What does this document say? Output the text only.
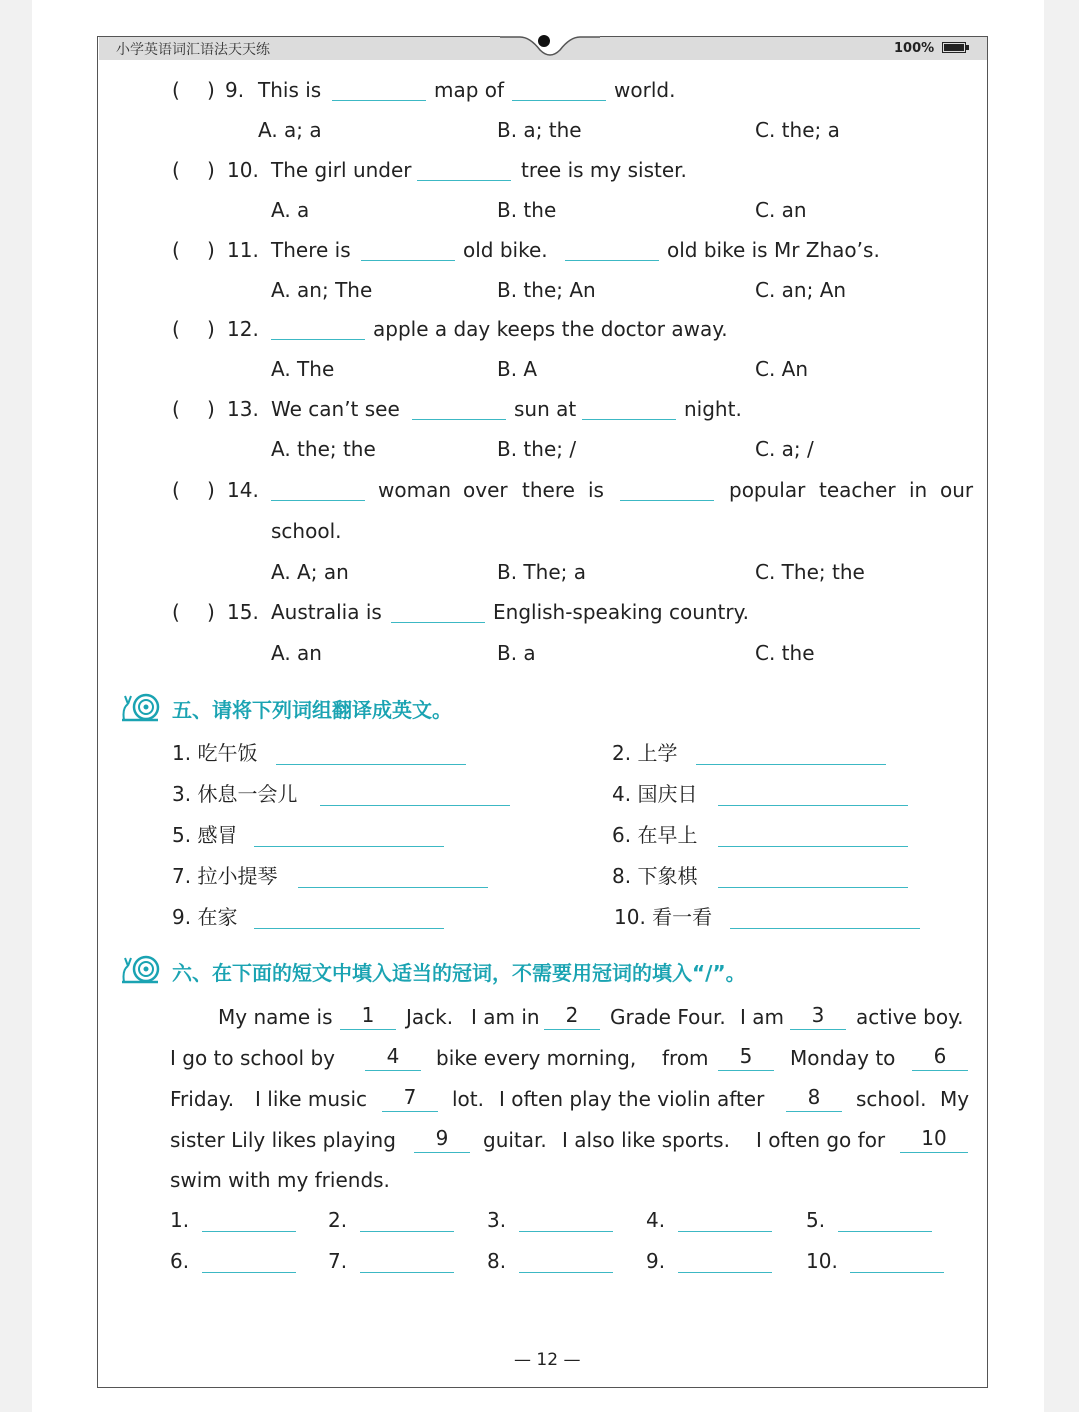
小学英语词汇语法天天练	100%
( ) 9. This is	map of	world.
A. a; a	B. a; the	C. the; a
( ) 10. The girl under	tree is my sister.
A. a	B. the	C. an
( ) 11. There is	old bike.	old bike is Mr Zhao’s.
A. an; The	B. the; An	C. an; An
( ) 12.	apple a day keeps the doctor away.
A. The	B. A	C. An
( ) 13. We can’t see	sun at	night.
A. the; the	B. the; /	C. a; /
( ) 14.	woman over there is	popular teacher in our
school.
A. A; an	B. The; a	C. The; the
( ) 15. Australia is	English-speaking country.
A. an	B. a	C. the
五、请将下列词组翻译成英文。
1. 吃午饭	2. 上学
3. 休息一会儿	4. 国庆日
5. 感冒	6. 在早上
7. 拉小提琴	8. 下象棋
9. 在家	10. 看一看
六、在下面的短文中填入适当的冠词，不需要用冠词的填入“/”。
My name is	1	Jack. I am in	2	Grade Four. I am	3	active boy.
I go to school by	4	bike every morning, from	5	Monday to	6
Friday. I like music	7	lot. I often play the violin after	8	school. My
sister Lily likes playing	9	guitar. I also like sports. I often go for	10
swim with my friends.
1.	2.	3.	4.	5.
6.	7.	8.	9.	10.
— 12 —
